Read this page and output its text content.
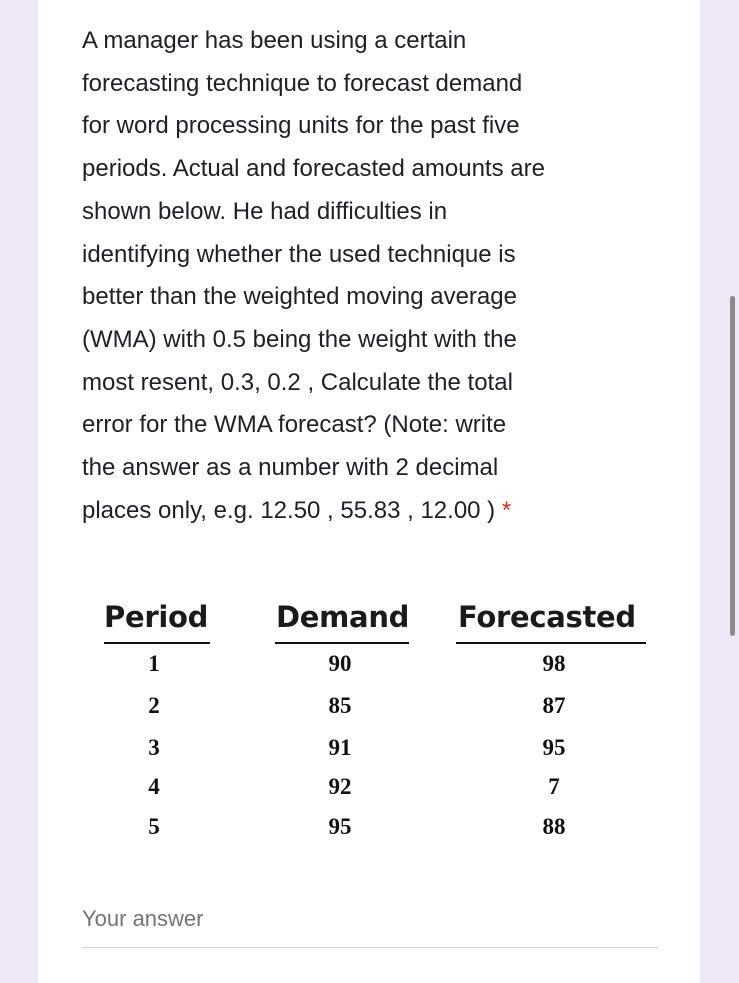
A manager has been using a certain
forecasting technique to forecast demand
for word processing units for the past five
periods. Actual and forecasted amounts are
shown below. He had difficulties in
identifying whether the used technique is
better than the weighted moving average
(WMA) with 0.5 being the weight with the
most resent, 0.3, 0.2 , Calculate the total
error for the WMA forecast? (Note: write
the answer as a number with 2 decimal
places only, e.g. 12.50 , 55.83 , 12.00 ) *

Period Demand Forecasted
1	90	98
2	85	87
3	91	95
4	92	7
5	95	88
Your answer
